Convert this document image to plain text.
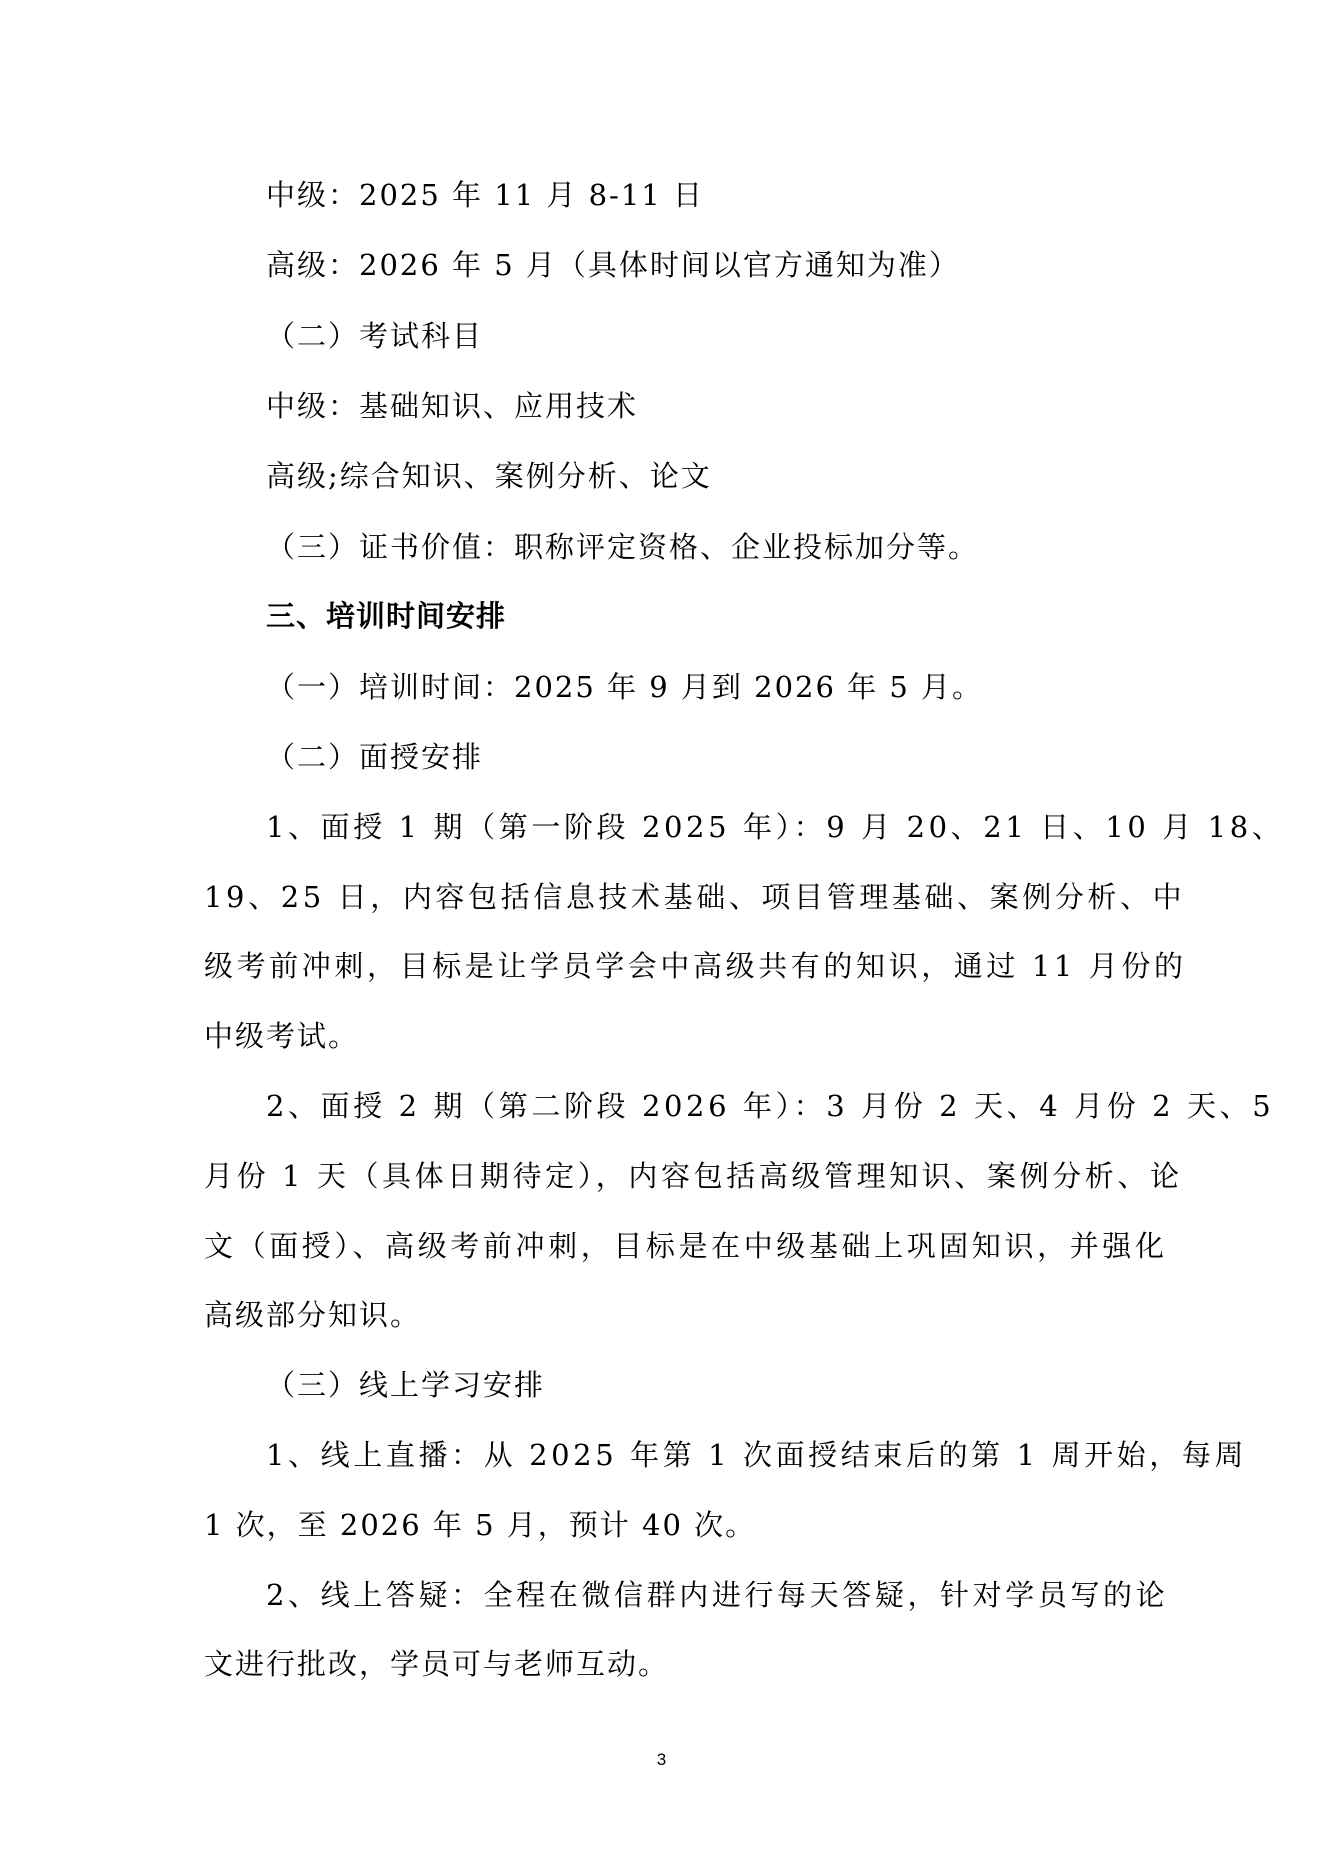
中级：2025 年 11 月 8-11 日
高级：2026 年 5 月（具体时间以官方通知为准）
（二）考试科目
中级：基础知识、应用技术
高级;综合知识、案例分析、论文
（三）证书价值：职称评定资格、企业投标加分等。
三、培训时间安排
（一）培训时间：2025 年 9 月到 2026 年 5 月。
（二）面授安排
1、面授 1 期（第一阶段 2025 年）：9 月 20、21 日、10 月 18、
19、25 日，内容包括信息技术基础、项目管理基础、案例分析、中
级考前冲刺，目标是让学员学会中高级共有的知识，通过 11 月份的
中级考试。
2、面授 2 期（第二阶段 2026 年）：3 月份 2 天、4 月份 2 天、5
月份 1 天（具体日期待定），内容包括高级管理知识、案例分析、论
文（面授）、高级考前冲刺，目标是在中级基础上巩固知识，并强化
高级部分知识。
（三）线上学习安排
1、线上直播：从 2025 年第 1 次面授结束后的第 1 周开始，每周
1 次，至 2026 年 5 月，预计 40 次。
2、线上答疑：全程在微信群内进行每天答疑，针对学员写的论
文进行批改，学员可与老师互动。
3
